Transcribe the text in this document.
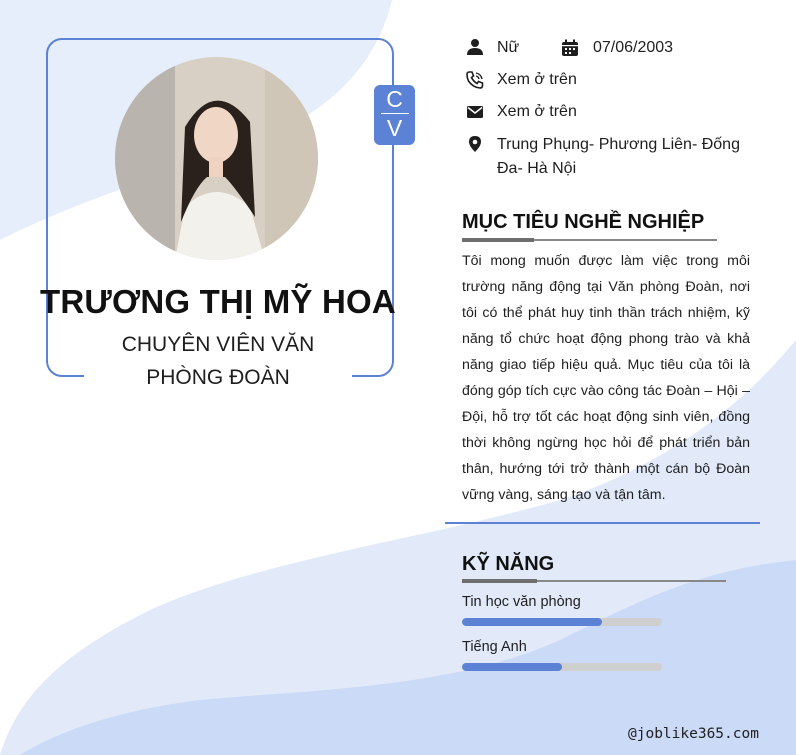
C
V
TRƯƠNG THỊ MỸ HOA
CHUYÊN VIÊN VĂN
PHÒNG ĐOÀN
Nữ	07/06/2003
Xem ở trên
Xem ở trên
Trung Phụng- Phương Liên- Đống Đa- Hà Nội
MỤC TIÊU NGHỀ NGHIỆP
Tôi mong muốn được làm việc trong môi trường năng động tại Văn phòng Đoàn, nơi tôi có thể phát huy tinh thần trách nhiệm, kỹ năng tổ chức hoạt động phong trào và khả năng giao tiếp hiệu quả. Mục tiêu của tôi là đóng góp tích cực vào công tác Đoàn – Hội – Đội, hỗ trợ tốt các hoạt động sinh viên, đồng thời không ngừng học hỏi để phát triển bản thân, hướng tới trở thành một cán bộ Đoàn vững vàng, sáng tạo và tận tâm.
KỸ NĂNG
Tin học văn phòng
Tiếng Anh
@joblike365.com
